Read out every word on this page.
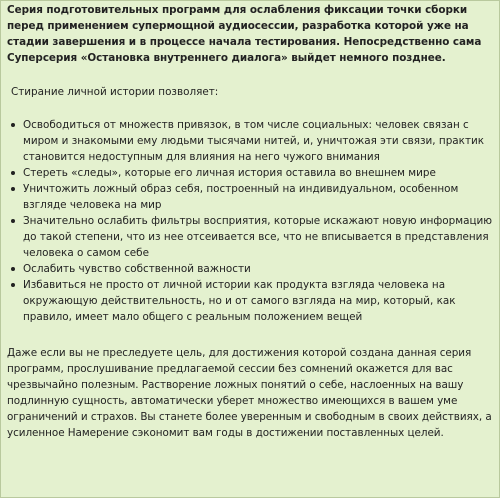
Серия подготовительных программ для ослабления фиксации точки сборки перед применением супермощной аудиосессии, разработка которой уже на стадии завершения и в процессе начала тестирования. Непосредственно сама Суперсерия «Остановка внутреннего диалога» выйдет немного позднее.

Стирание личной истории позволяет:

Освободиться от множеств привязок, в том числе социальных: человек связан с миром и знакомыми ему людьми тысячами нитей, и, уничтожая эти связи, практик становится недоступным для влияния на него чужого внимания
Стереть «следы», которые его личная история оставила во внешнем мире
Уничтожить ложный образ себя, построенный на индивидуальном, особенном взгляде человека на мир
Значительно ослабить фильтры восприятия, которые искажают новую информацию до такой степени, что из нее отсеивается все, что не вписывается в представления человека о самом себе
Ослабить чувство собственной важности
Избавиться не просто от личной истории как продукта взгляда человека на окружающую действительность, но и от самого взгляда на мир, который, как правило, имеет мало общего с реальным положением вещей

Даже если вы не преследуете цель, для достижения которой создана данная серия программ, прослушивание предлагаемой сессии без сомнений окажется для вас чрезвычайно полезным. Растворение ложных понятий о себе, наслоенных на вашу подлинную сущность, автоматически уберет множество имеющихся в вашем уме ограничений и страхов. Вы станете более уверенным и свободным в своих действиях, а усиленное Намерение сэкономит вам годы в достижении поставленных целей.
